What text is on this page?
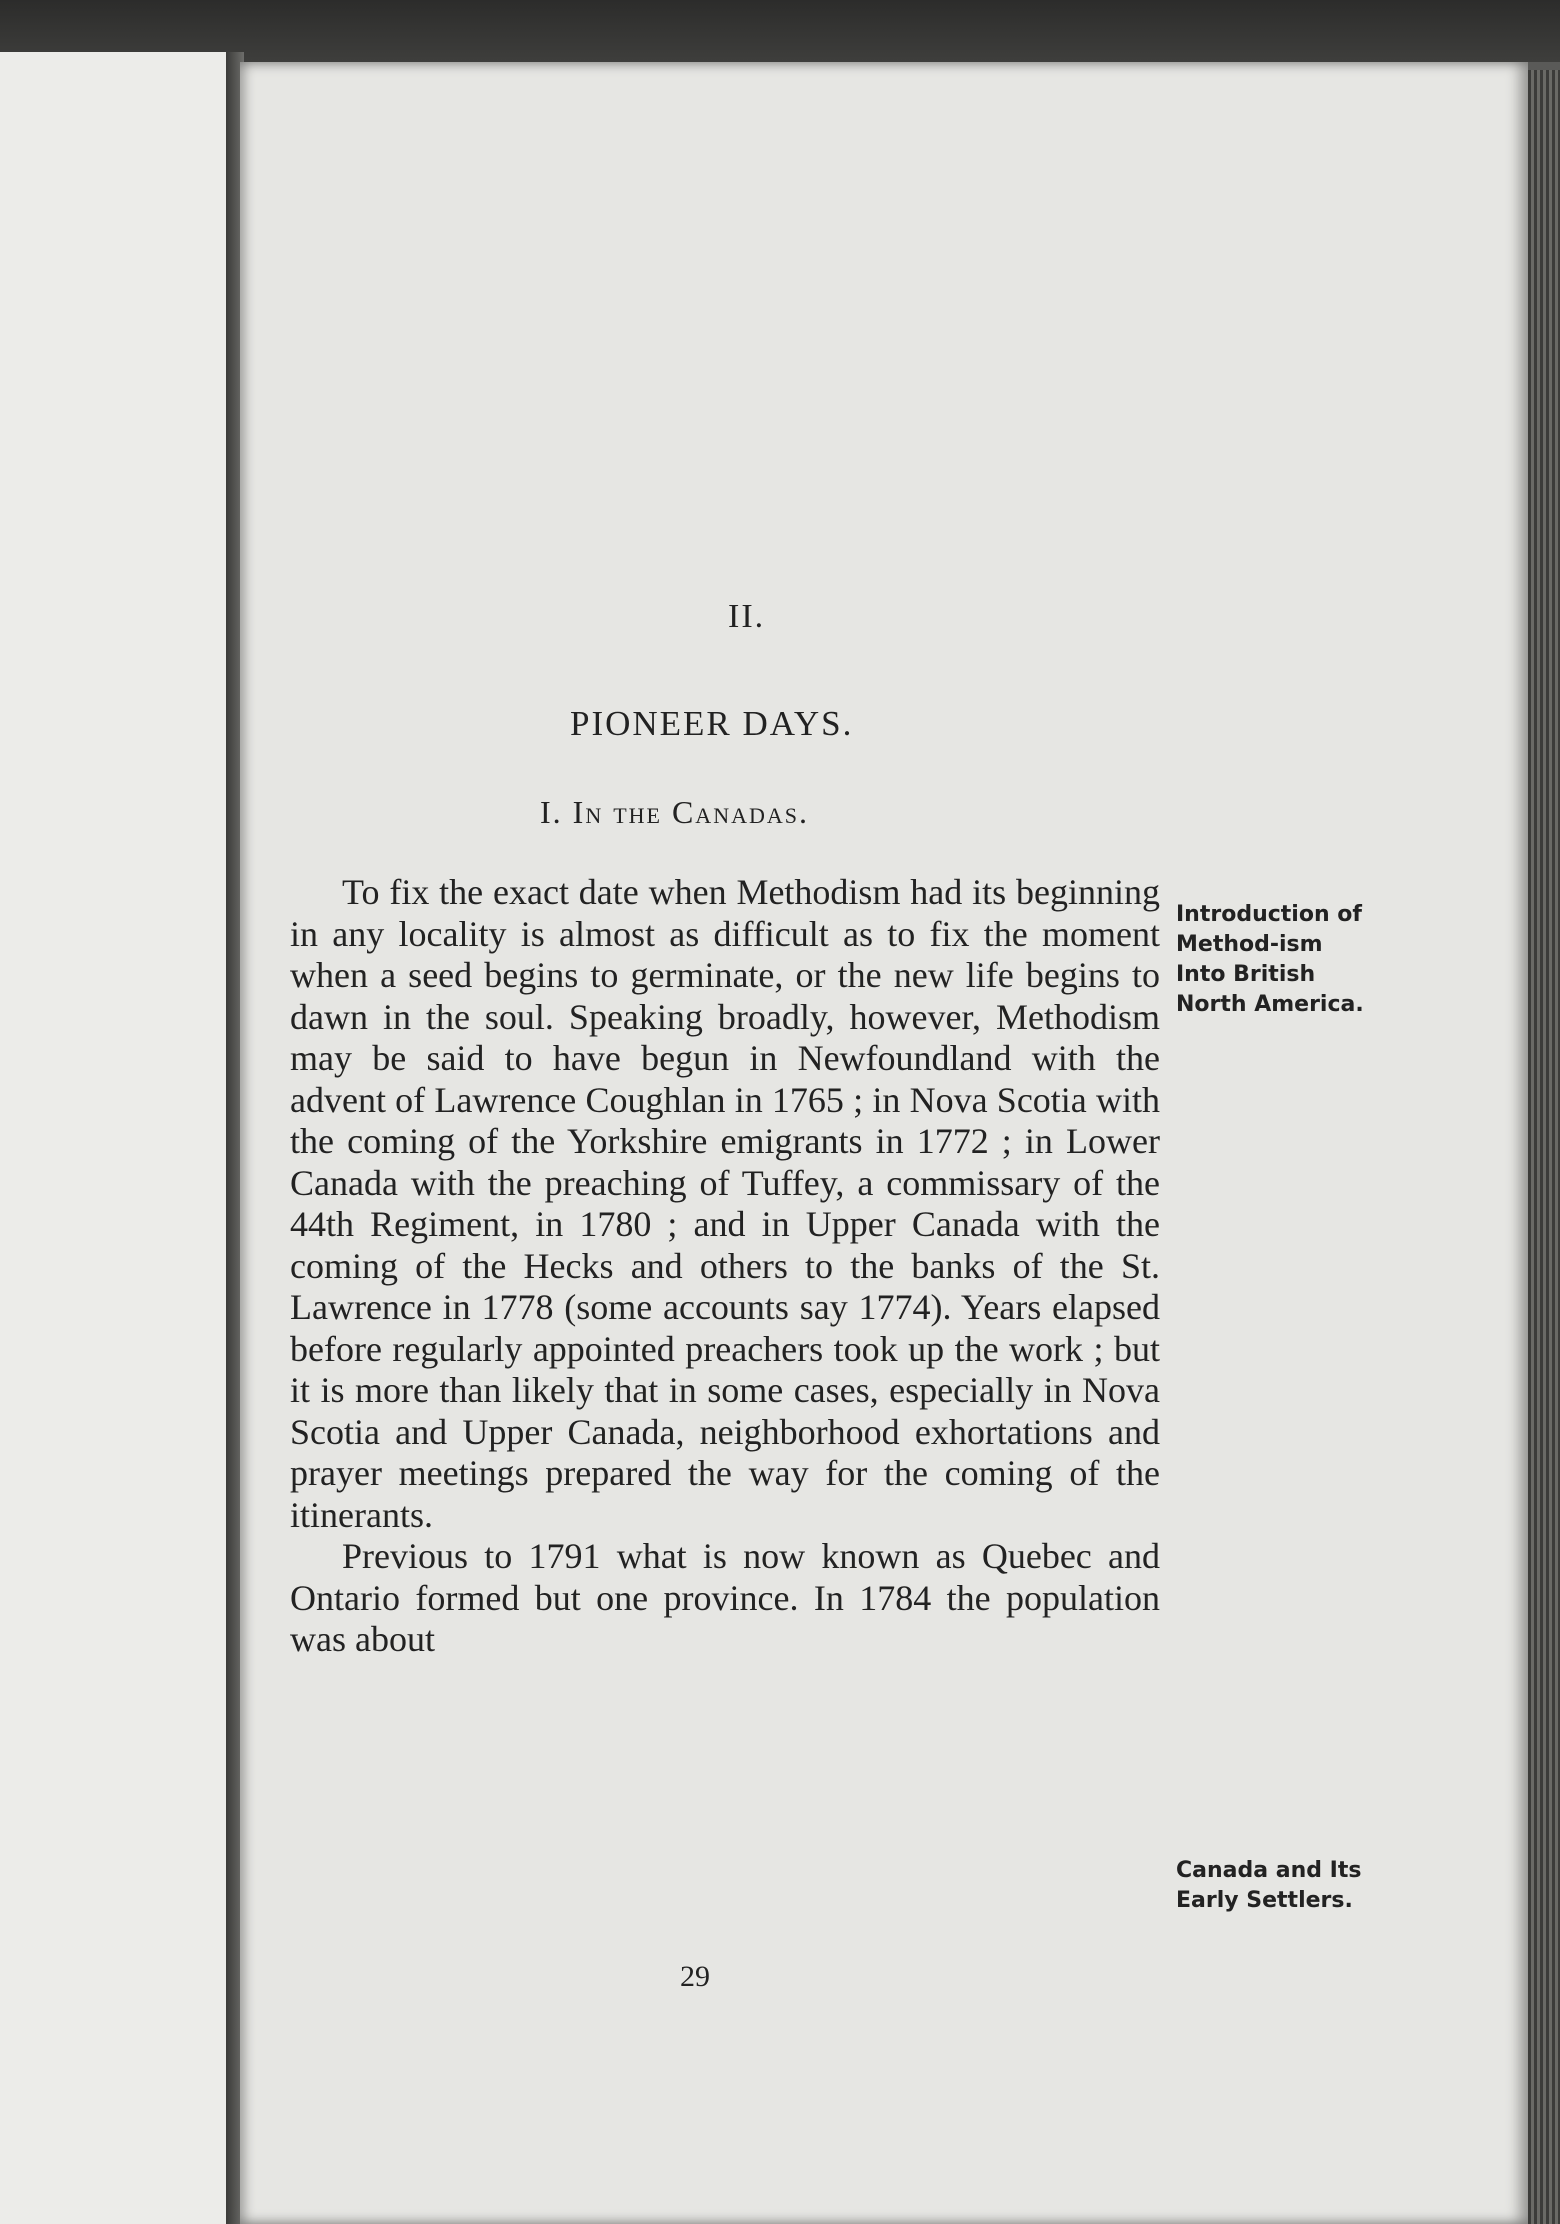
II.
PIONEER DAYS.
I. In the Canadas.

To fix the exact date when Methodism had its beginning in any locality is almost as difficult as to fix the moment when a seed begins to germinate, or the new life begins to dawn in the soul. Speaking broadly, however, Methodism may be said to have begun in Newfoundland with the advent of Lawrence Coughlan in 1765 ; in Nova Scotia with the coming of the Yorkshire emigrants in 1772 ; in Lower Canada with the preaching of Tuffey, a commissary of the 44th Regiment, in 1780 ; and in Upper Canada with the coming of the Hecks and others to the banks of the St. Lawrence in 1778 (some accounts say 1774). Years elapsed before regularly appointed preachers took up the work ; but it is more than likely that in some cases, especially in Nova Scotia and Upper Canada, neighborhood exhortations and prayer meetings prepared the way for the coming of the itinerants.

Previous to 1791 what is now known as Quebec and Ontario formed but one province. In 1784 the population was about

Introduction of Method-ism Into British North America.
Canada and Its Early Settlers.
29
